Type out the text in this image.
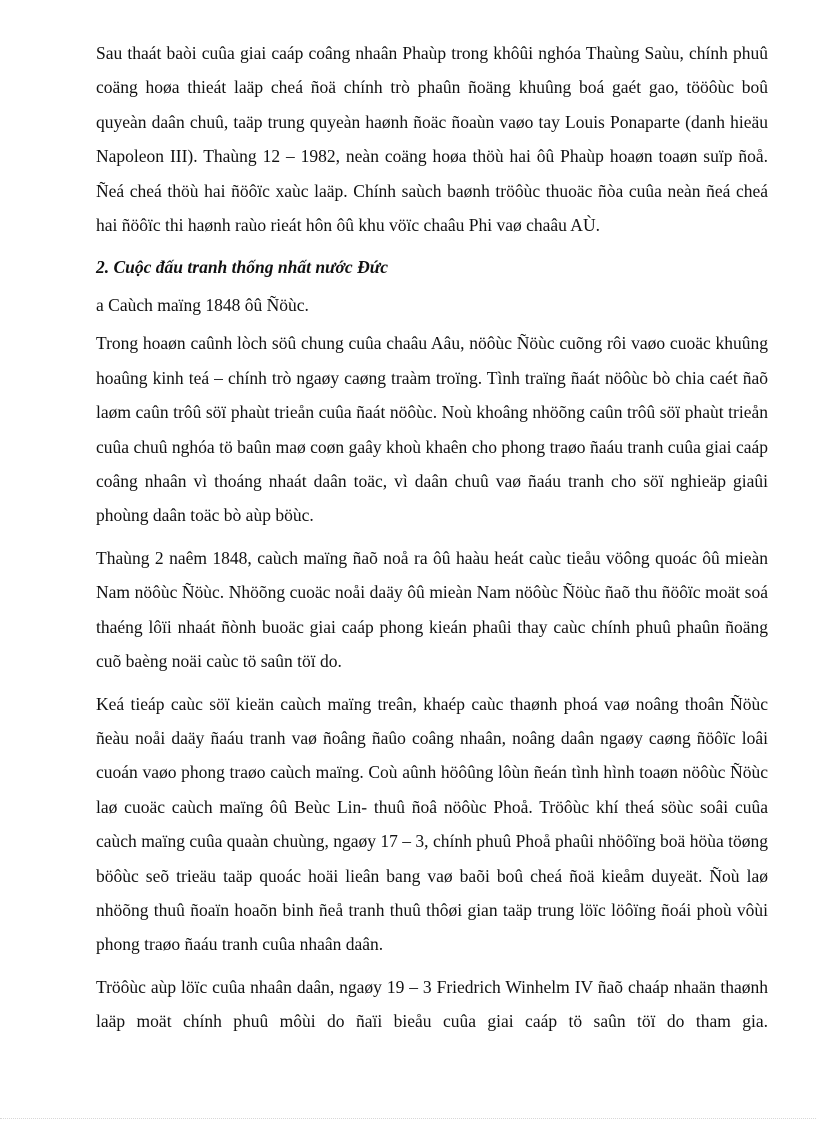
Sau thaát baòi cuûa giai caáp coâng nhaân Phaùp trong khôûi nghóa Thaùng Saùu, chính phuû coäng hoøa thieát laäp cheá ñoä chính trò phaûn ñoäng khuûng boá gaét gao, tööôùc boû quyeàn daân chuû, taäp trung quyeàn haønh ñoäc ñoaùn vaøo tay Louis Ponaparte (danh hieäu Napoleon III). Thaùng 12 – 1982, neàn coäng hoøa thöù hai ôû Phaùp hoaøn toaøn suïp ñoå. Ñeá cheá thöù hai ñöôïc xaùc laäp. Chính saùch baønh tröôùc thuoäc ñòa cuûa neàn ñeá cheá hai ñöôïc thi haønh raùo rieát hôn ôû khu vöïc chaâu Phi vaø chaâu AÙ.

2. Cuộc đấu tranh thống nhất nước Đức

a Caùch maïng 1848 ôû Ñöùc.

Trong hoaøn caûnh lòch söû chung cuûa chaâu Aâu, nöôùc Ñöùc cuõng rôi vaøo cuoäc khuûng hoaûng kinh teá – chính trò ngaøy caøng traàm troïng. Tình traïng ñaát nöôùc bò chia caét ñaõ laøm caûn trôû söï phaùt trieån cuûa ñaát nöôùc. Noù khoâng nhöõng caûn trôû söï phaùt trieån cuûa chuû nghóa tö baûn maø coøn gaây khoù khaên cho phong traøo ñaáu tranh cuûa giai caáp coâng nhaân vì thoáng nhaát daân toäc, vì daân chuû vaø ñaáu tranh cho söï nghieäp giaûi phoùng daân toäc bò aùp böùc.

Thaùng 2 naêm 1848, caùch maïng ñaõ noå ra ôû haàu heát caùc tieåu vöông quoác ôû mieàn Nam nöôùc Ñöùc. Nhöõng cuoäc noåi daäy ôû mieàn Nam nöôùc Ñöùc ñaõ thu ñöôïc moät soá thaéng lôïi nhaát ñònh buoäc giai caáp phong kieán phaûi thay caùc chính phuû phaûn ñoäng cuõ baèng noäi caùc tö saûn töï do.

Keá tieáp caùc söï kieän caùch maïng treân, khaép caùc thaønh phoá vaø noâng thoân Ñöùc ñeàu noåi daäy ñaáu tranh vaø ñoâng ñaûo coâng nhaân, noâng daân ngaøy caøng ñöôïc loâi cuoán vaøo phong traøo caùch maïng. Coù aûnh höôûng lôùn ñeán tình hình toaøn nöôùc Ñöùc laø cuoäc caùch maïng ôû Beùc Lin- thuû ñoâ nöôùc Phoå. Tröôùc khí theá söùc soâi cuûa caùch maïng cuûa quaàn chuùng, ngaøy 17 – 3, chính phuû Phoå phaûi nhöôïng boä höùa töøng böôùc seõ trieäu taäp quoác hoäi lieân bang vaø baõi boû cheá ñoä kieåm duyeät. Ñoù laø nhöõng thuû ñoaïn hoaõn binh ñeå tranh thuû thôøi gian taäp trung löïc löôïng ñoái phoù vôùi phong traøo ñaáu tranh cuûa nhaân daân.

Tröôùc aùp löïc cuûa nhaân daân, ngaøy 19 – 3 Friedrich Winhelm IV ñaõ chaáp nhaän thaønh laäp moät chính phuû môùi do ñaïi bieåu cuûa giai caáp tö saûn töï do tham gia.
